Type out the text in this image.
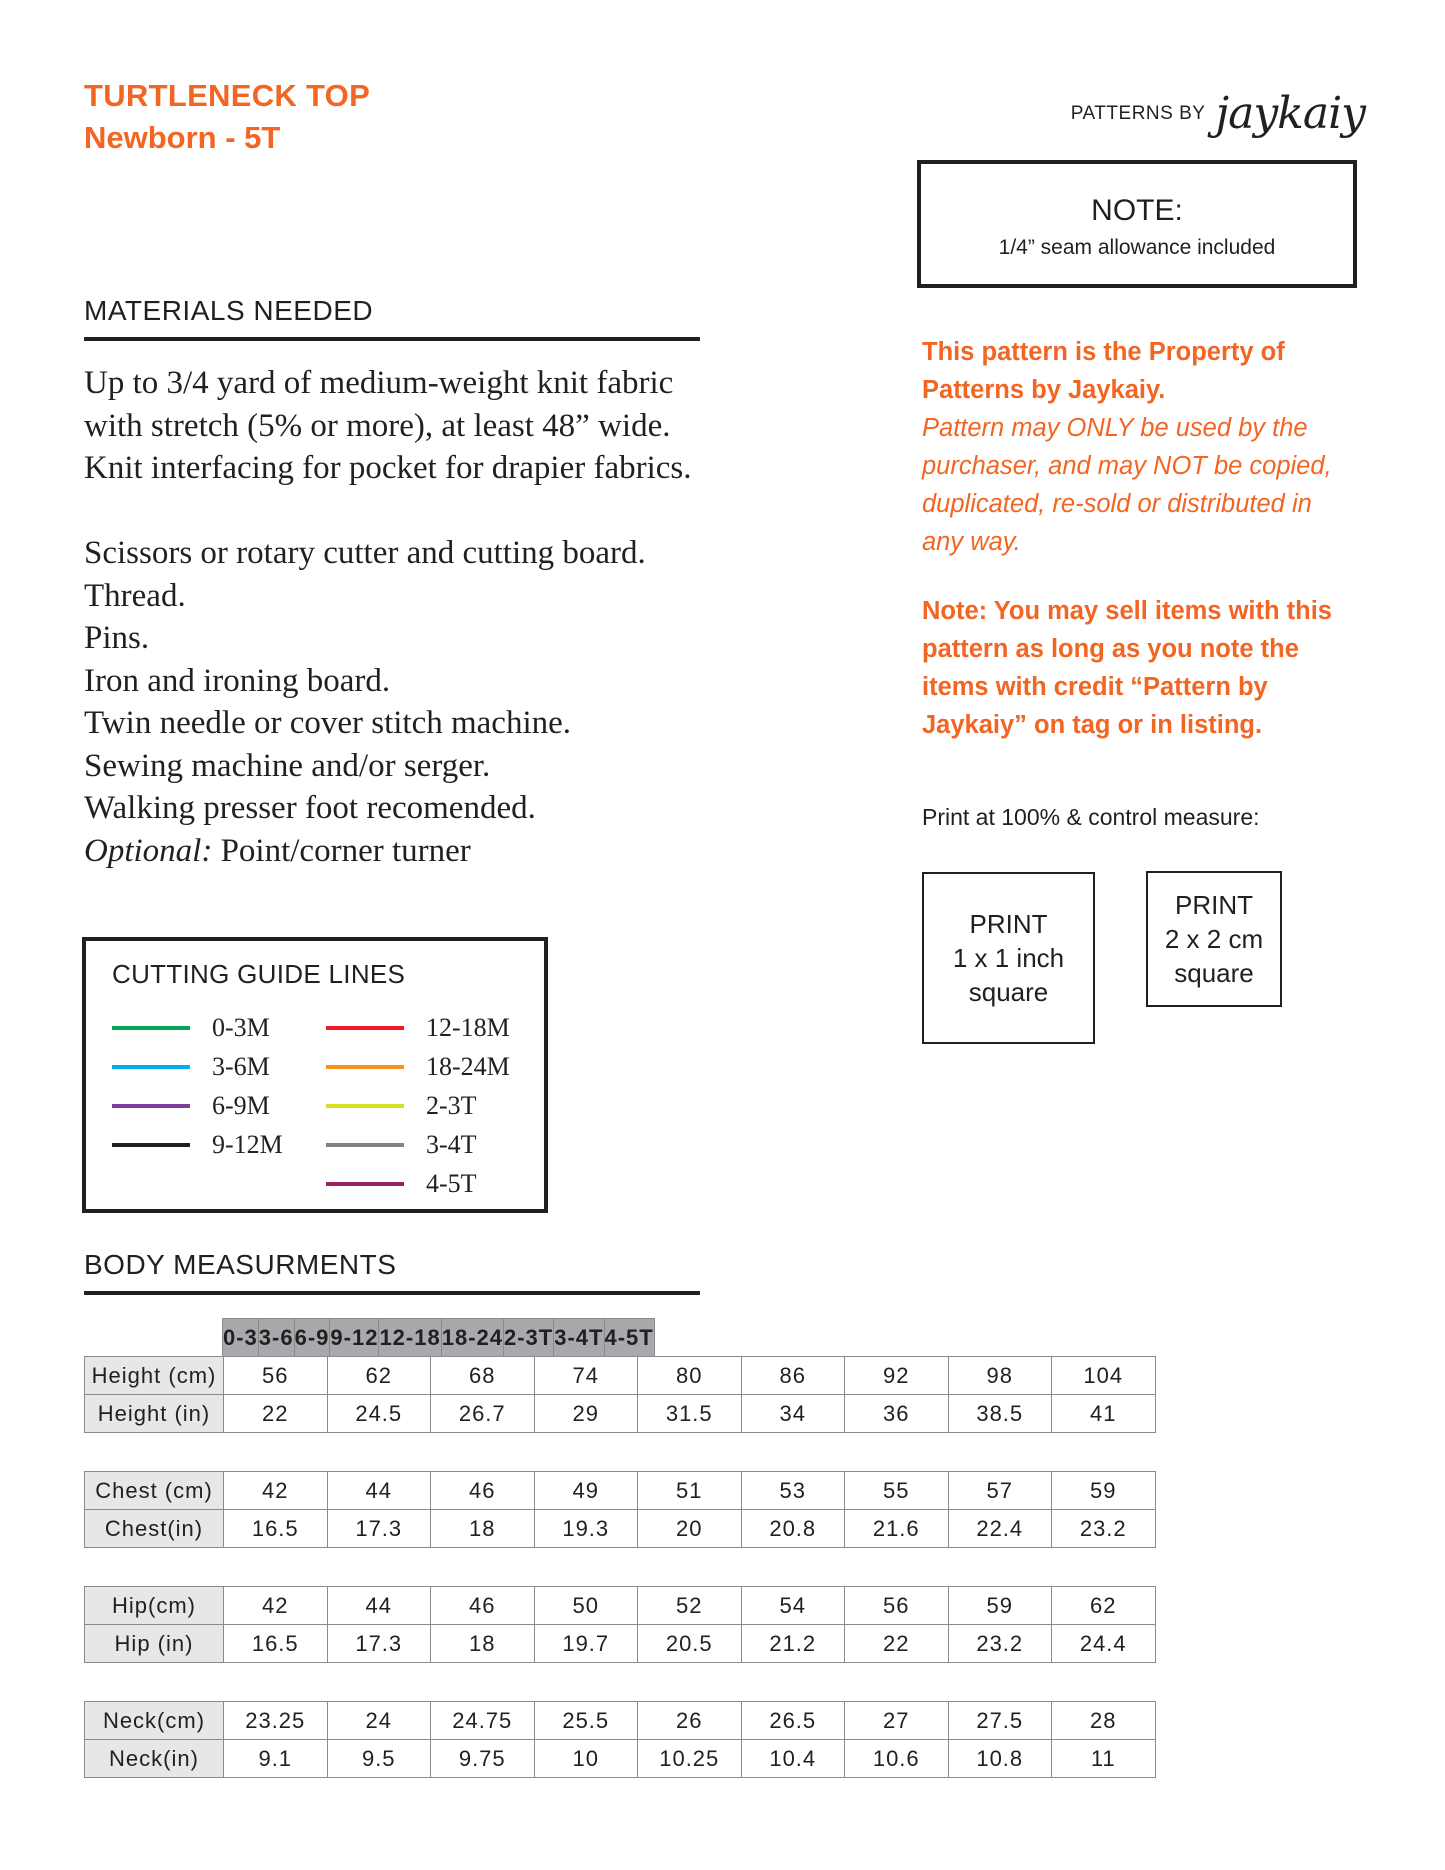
TURTLENECK TOP
Newborn - 5T
PATTERNS BY jaykaiy
NOTE:
1/4” seam allowance included
MATERIALS NEEDED
Up to 3/4 yard of medium-weight knit fabric
with stretch (5% or more), at least 48” wide.
Knit interfacing for pocket for drapier fabrics.
Scissors or rotary cutter and cutting board.
Thread.
Pins.
Iron and ironing board.
Twin needle or cover stitch machine.
Sewing machine and/or serger.
Walking presser foot recomended.
Optional: Point/corner turner
This pattern is the Property of
Patterns by Jaykaiy.
Pattern may ONLY be used by the
purchaser, and may NOT be copied,
duplicated, re-sold or distributed in
any way.
Note: You may sell items with this
pattern as long as you note the
items with credit “Pattern by
Jaykaiy” on tag or in listing.
Print at 100% & control measure:
PRINT
1 x 1 inch
square
PRINT
2 x 2 cm
square
CUTTING GUIDE LINES
0-3M
3-6M
6-9M
9-12M
12-18M
18-24M
2-3T
3-4T
4-5T
BODY MEASURMENTS
	0-3	3-6	6-9	9-12	12-18	18-24	2-3T	3-4T	4-5T
Height (cm)	56	62	68	74	80	86	92	98	104
Height (in)	22	24.5	26.7	29	31.5	34	36	38.5	41
Chest (cm)	42	44	46	49	51	53	55	57	59
Chest(in)	16.5	17.3	18	19.3	20	20.8	21.6	22.4	23.2
Hip(cm)	42	44	46	50	52	54	56	59	62
Hip (in)	16.5	17.3	18	19.7	20.5	21.2	22	23.2	24.4
Neck(cm)	23.25	24	24.75	25.5	26	26.5	27	27.5	28
Neck(in)	9.1	9.5	9.75	10	10.25	10.4	10.6	10.8	11
